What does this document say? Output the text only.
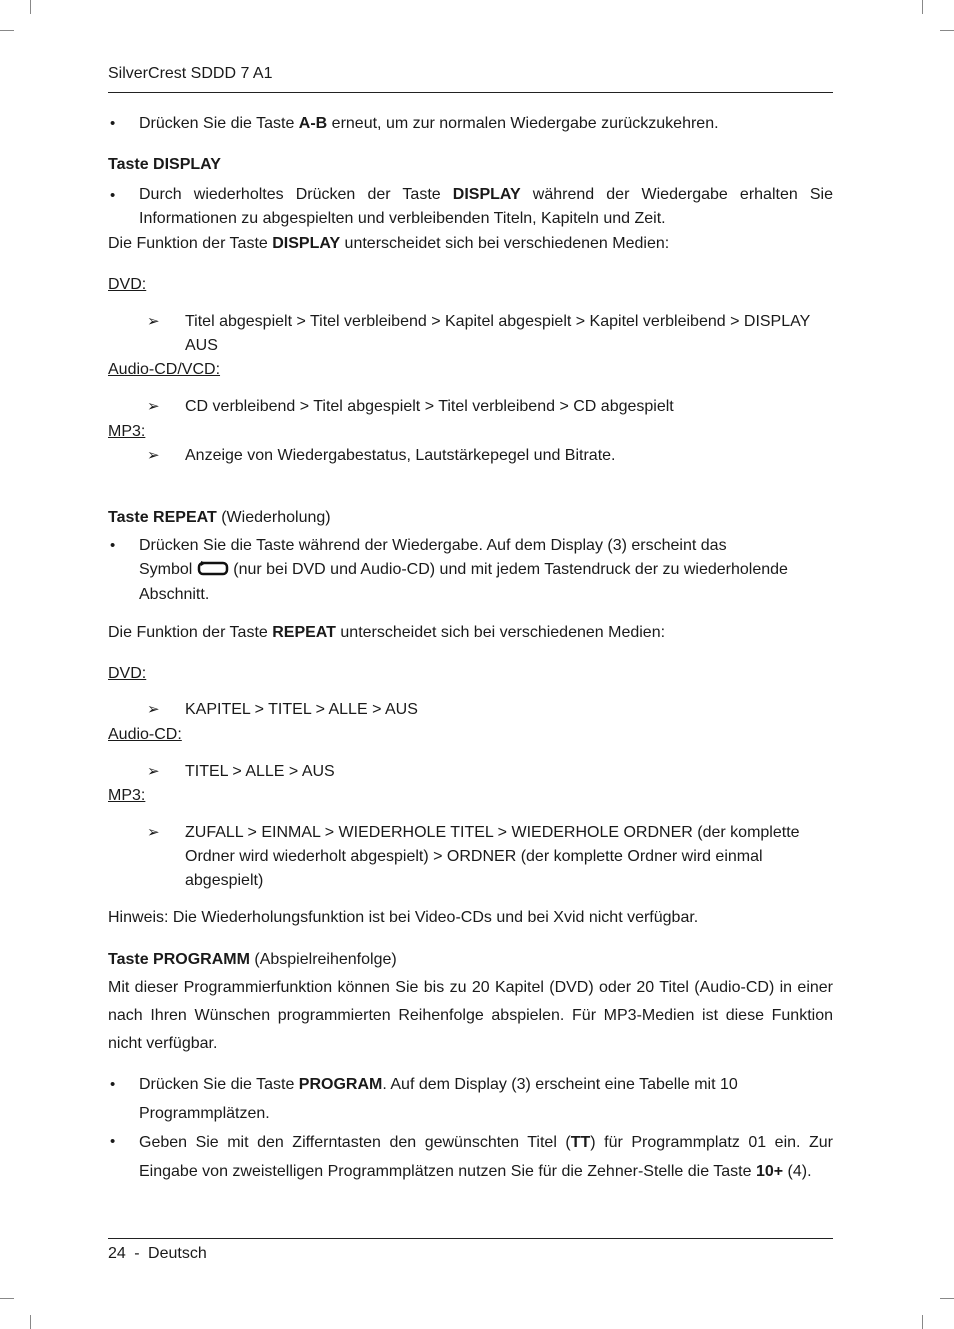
SilverCrest SDDD 7 A1
• Drücken Sie die Taste A-B erneut, um zur normalen Wiedergabe zurückzukehren.
Taste DISPLAY
• Durch wiederholtes Drücken der Taste DISPLAY während der Wiedergabe erhalten Sie Informationen zu abgespielten und verbleibenden Titeln, Kapiteln und Zeit.
Die Funktion der Taste DISPLAY unterscheidet sich bei verschiedenen Medien:
DVD:
➢ Titel abgespielt > Titel verbleibend > Kapitel abgespielt > Kapitel verbleibend > DISPLAY
AUS
Audio-CD/VCD:
➢ CD verbleibend > Titel abgespielt > Titel verbleibend > CD abgespielt
MP3:
➢ Anzeige von Wiedergabestatus, Lautstärkepegel und Bitrate.
Taste REPEAT (Wiederholung)
• Drücken Sie die Taste während der Wiedergabe. Auf dem Display (3) erscheint das
Symbol  (nur bei DVD und Audio-CD) und mit jedem Tastendruck der zu wiederholende
Abschnitt.
Die Funktion der Taste REPEAT unterscheidet sich bei verschiedenen Medien:
DVD:
➢ KAPITEL > TITEL > ALLE > AUS
Audio-CD:
➢ TITEL > ALLE > AUS
MP3:
➢ ZUFALL > EINMAL > WIEDERHOLE TITEL > WIEDERHOLE ORDNER (der komplette
Ordner wird wiederholt abgespielt) > ORDNER (der komplette Ordner wird einmal
abgespielt)
Hinweis: Die Wiederholungsfunktion ist bei Video-CDs und bei Xvid nicht verfügbar.
Taste PROGRAMM (Abspielreihenfolge)
Mit dieser Programmierfunktion können Sie bis zu 20 Kapitel (DVD) oder 20 Titel (Audio-CD) in einer nach Ihren Wünschen programmierten Reihenfolge abspielen. Für MP3-Medien ist diese Funktion nicht verfügbar.
• Drücken Sie die Taste PROGRAM. Auf dem Display (3) erscheint eine Tabelle mit 10
Programmplätzen.
• Geben Sie mit den Zifferntasten den gewünschten Titel (TT) für Programmplatz 01 ein. Zur Eingabe von zweistelligen Programmplätzen nutzen Sie für die Zehner-Stelle die Taste 10+ (4).
24 - Deutsch
